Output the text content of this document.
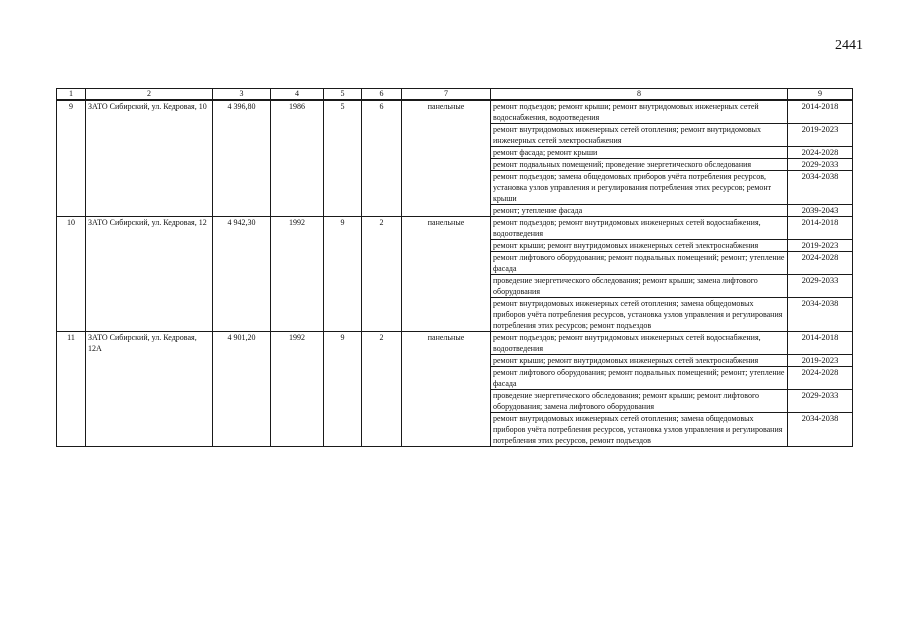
2441
1	2	3	4	5	6	7	8	9
9	ЗАТО Сибирский, ул. Кедровая, 10	4 396,80	1986	5	6	панельные	ремонт подъездов; ремонт крыши; ремонт внутридомовых инженерных сетей водоснабжения, водоотведения	2014-2018
							ремонт внутридомовых инженерных сетей отопления; ремонт внутридомовых инженерных сетей электроснабжения	2019-2023
							ремонт фасада; ремонт крыши	2024-2028
							ремонт подвальных помещений; проведение энергетического обследования	2029-2033
							ремонт подъездов; замена общедомовых приборов учёта потребления ресурсов, установка узлов управления и регулирования потребления этих ресурсов; ремонт крыши	2034-2038
							ремонт; утепление фасада	2039-2043
10	ЗАТО Сибирский, ул. Кедровая, 12	4 942,30	1992	9	2	панельные	ремонт подъездов; ремонт внутридомовых инженерных сетей водоснабжения, водоотведения	2014-2018
							ремонт крыши; ремонт внутридомовых инженерных сетей электроснабжения	2019-2023
							ремонт лифтового оборудования; ремонт подвальных помещений; ремонт; утепление фасада	2024-2028
							проведение энергетического обследования; ремонт крыши; замена лифтового оборудования	2029-2033
							ремонт внутридомовых инженерных сетей отопления; замена общедомовых приборов учёта потребления ресурсов, установка узлов управления и регулирования потребления этих ресурсов; ремонт подъездов	2034-2038
11	ЗАТО Сибирский, ул. Кедровая, 12А	4 901,20	1992	9	2	панельные	ремонт подъездов; ремонт внутридомовых инженерных сетей водоснабжения, водоотведения	2014-2018
							ремонт крыши; ремонт внутридомовых инженерных сетей электроснабжения	2019-2023
							ремонт лифтового оборудования; ремонт подвальных помещений; ремонт; утепление фасада	2024-2028
							проведение энергетического обследования; ремонт крыши; ремонт лифтового оборудования; замена лифтового оборудования	2029-2033
							ремонт внутридомовых инженерных сетей отопления; замена общедомовых приборов учёта потребления ресурсов, установка узлов управления и регулирования потребления этих ресурсов, ремонт подъездов	2034-2038
